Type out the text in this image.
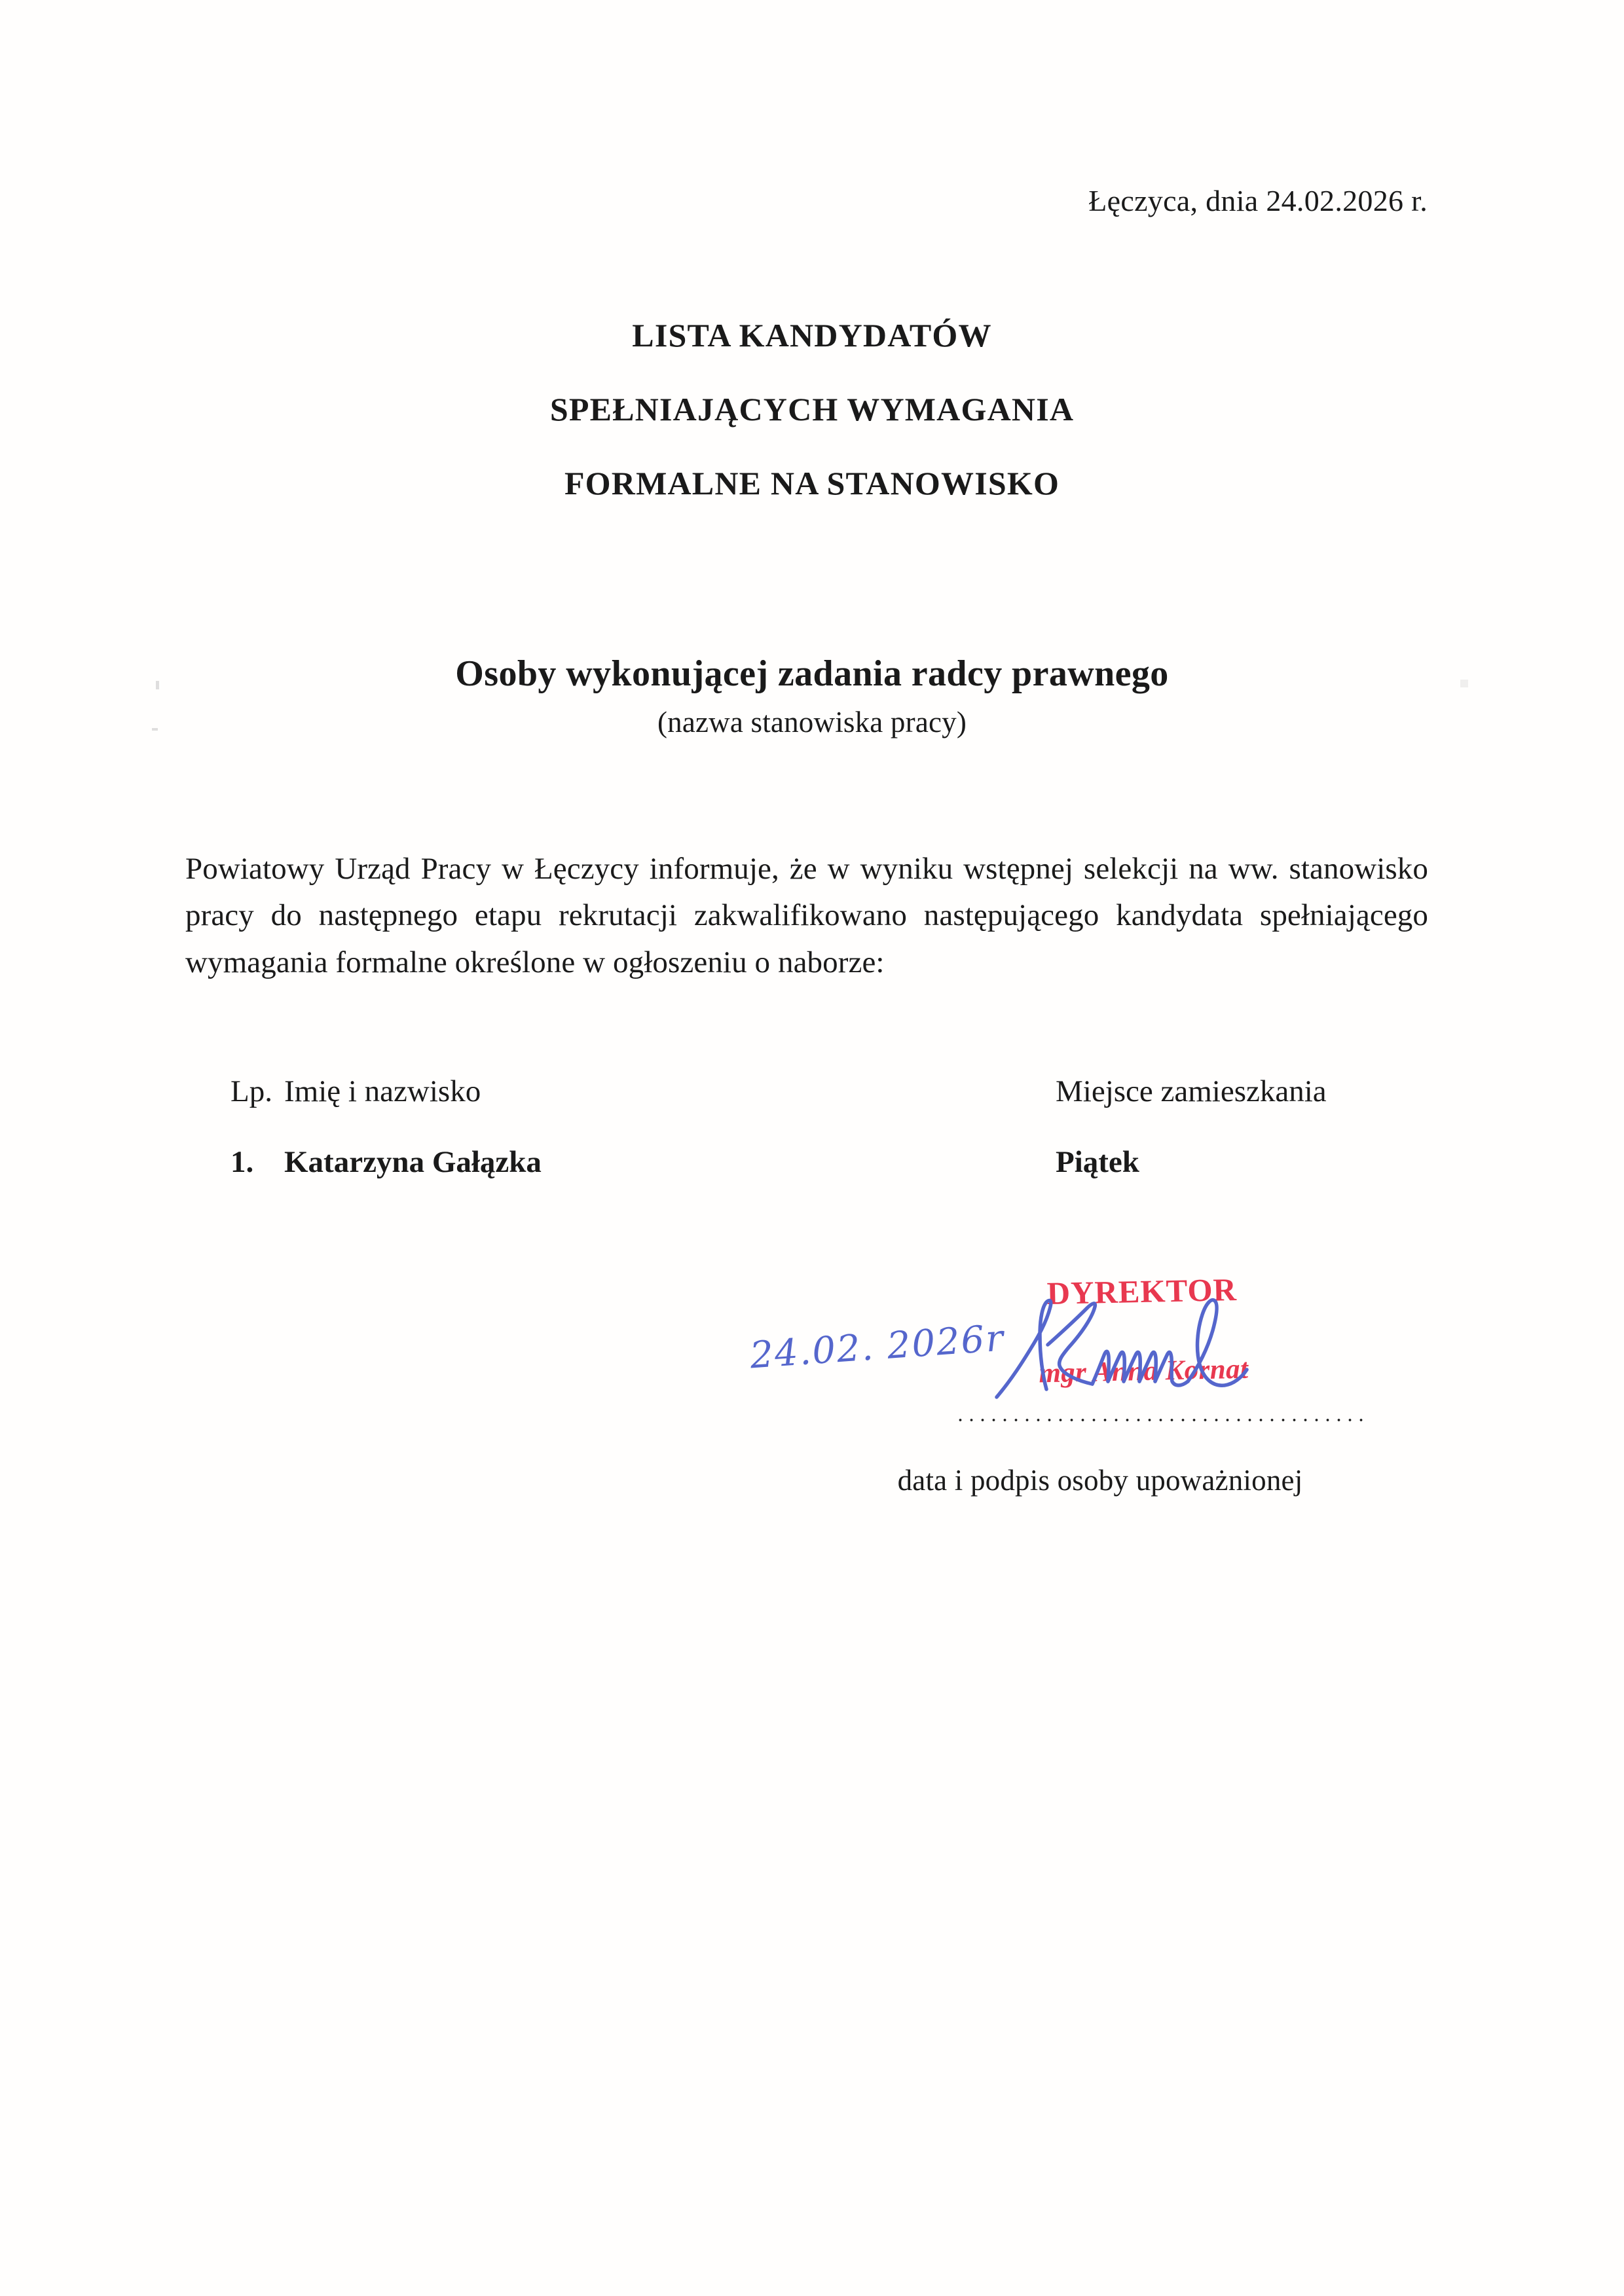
Łęczyca, dnia 24.02.2026 r.
LISTA KANDYDATÓW
SPEŁNIAJĄCYCH WYMAGANIA
FORMALNE NA STANOWISKO
Osoby wykonującej zadania radcy prawnego
(nazwa stanowiska pracy)
Powiatowy Urząd Pracy w Łęczycy informuje, że w wyniku wstępnej selekcji na ww. stanowisko pracy do następnego etapu rekrutacji zakwalifikowano następującego kandydata spełniającego wymagania formalne określone w ogłoszeniu o naborze:
Lp. Imię i nazwisko	Miejsce zamieszkania
1. Katarzyna Gałązka	Piątek
24.02. 2026r
DYREKTOR
mgr Anna Kornat
data i podpis osoby upoważnionej
